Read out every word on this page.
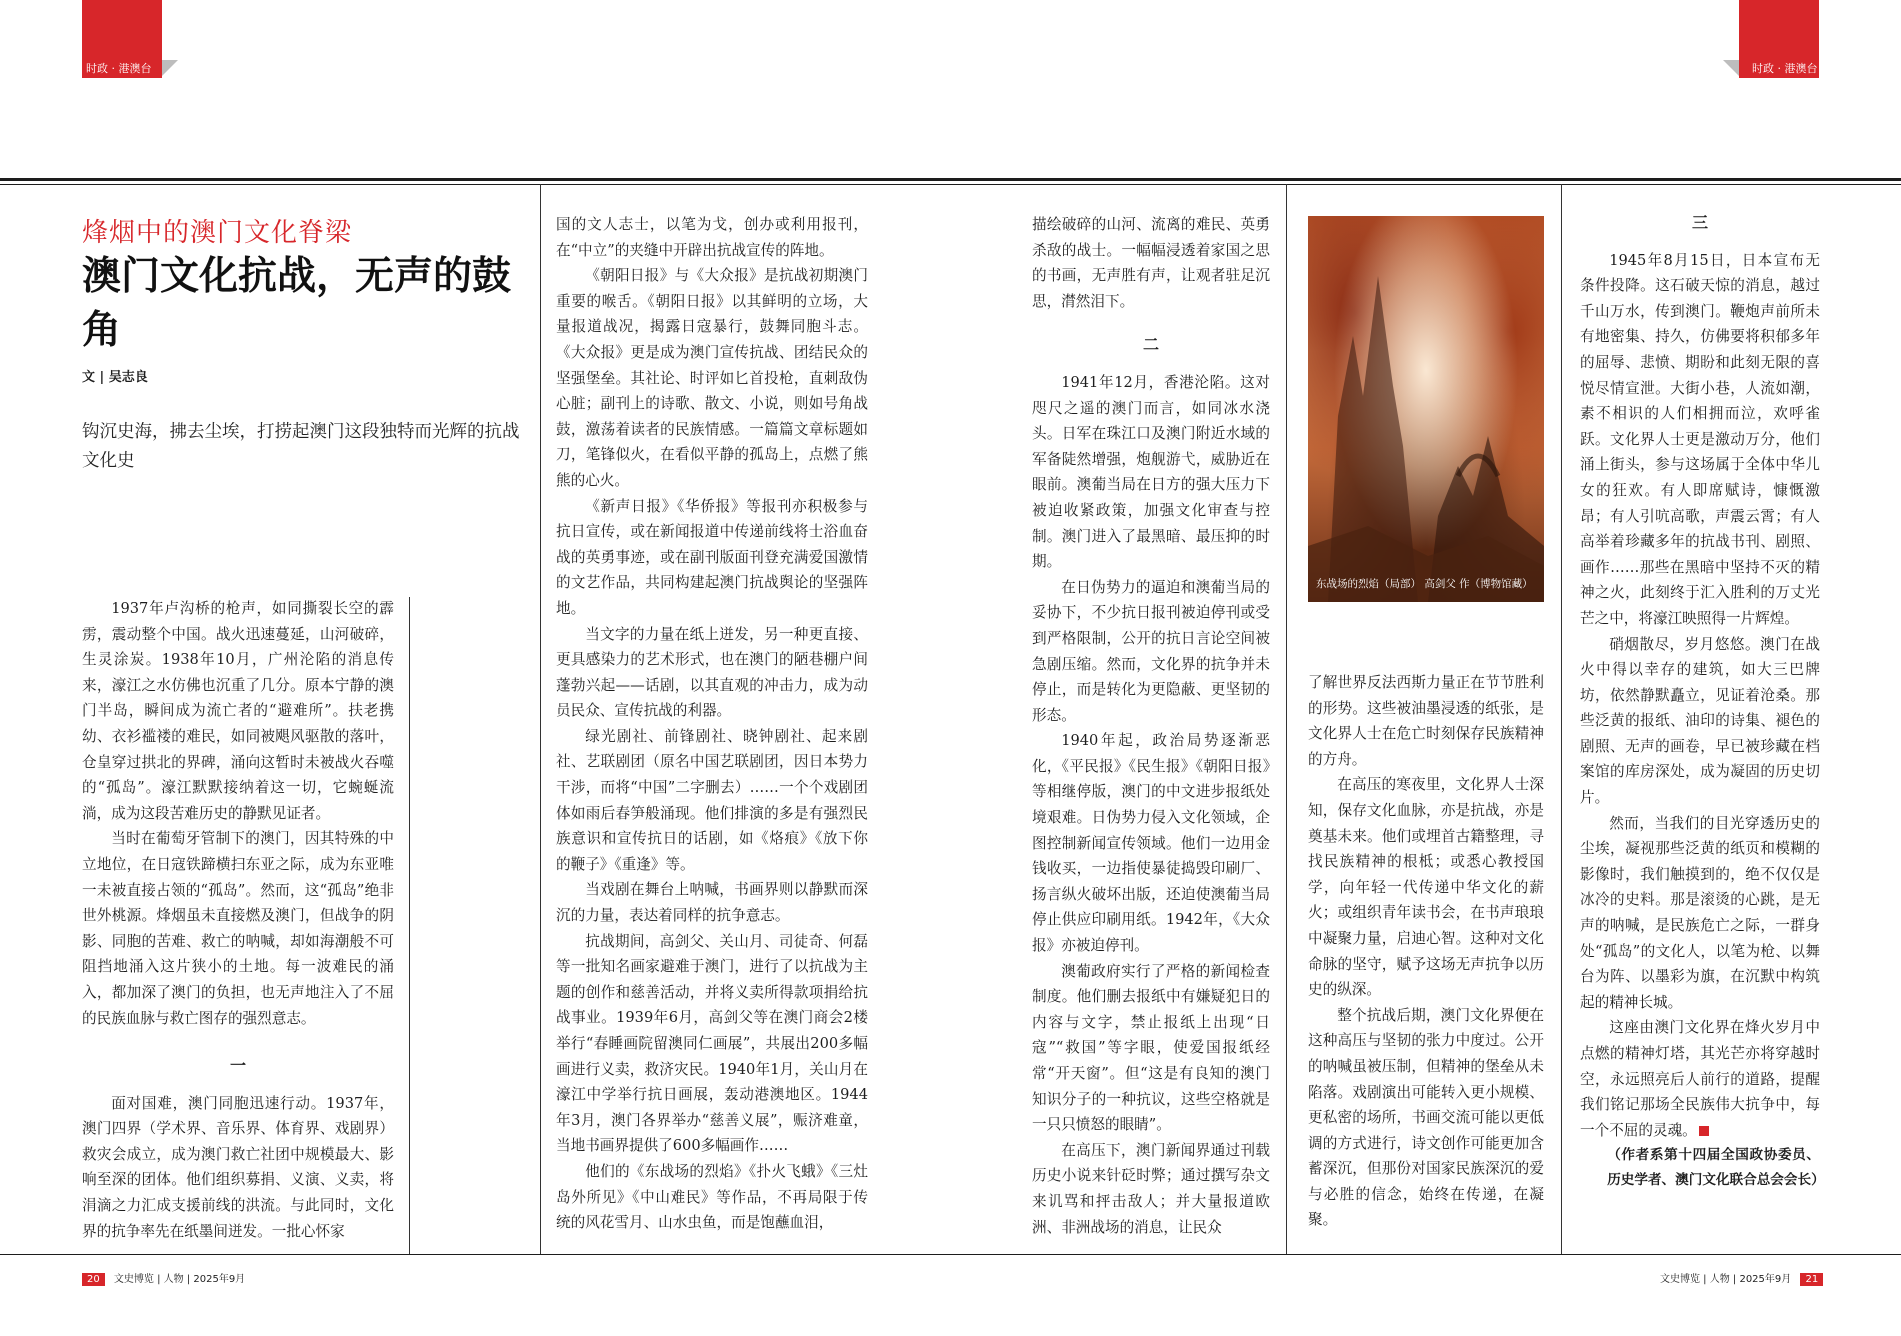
时政 · 港澳台	时政 · 港澳台
烽烟中的澳门文化脊梁
澳门文化抗战，无声的鼓角
文 | 吴志良
钩沉史海，拂去尘埃，打捞起澳门这段独特而光辉的抗战文化史

1937年卢沟桥的枪声，如同撕裂长空的霹雳，震动整个中国。战火迅速蔓延，山河破碎，生灵涂炭。1938年10月，广州沦陷的消息传来，濠江之水仿佛也沉重了几分。原本宁静的澳门半岛，瞬间成为流亡者的“避难所”。扶老携幼、衣衫褴褛的难民，如同被飓风驱散的落叶，仓皇穿过拱北的界碑，涌向这暂时未被战火吞噬的“孤岛”。濠江默默接纳着这一切，它蜿蜒流淌，成为这段苦难历史的静默见证者。

当时在葡萄牙管制下的澳门，因其特殊的中立地位，在日寇铁蹄横扫东亚之际，成为东亚唯一未被直接占领的“孤岛”。然而，这“孤岛”绝非世外桃源。烽烟虽未直接燃及澳门，但战争的阴影、同胞的苦难、救亡的呐喊，却如海潮般不可阻挡地涌入这片狭小的土地。每一波难民的涌入，都加深了澳门的负担，也无声地注入了不屈的民族血脉与救亡图存的强烈意志。

一

面对国难，澳门同胞迅速行动。1937年，澳门四界（学术界、音乐界、体育界、戏剧界）救灾会成立，成为澳门救亡社团中规模最大、影响至深的团体。他们组织募捐、义演、义卖，将涓滴之力汇成支援前线的洪流。与此同时，文化界的抗争率先在纸墨间迸发。一批心怀家

国的文人志士，以笔为戈，创办或利用报刊，在“中立”的夹缝中开辟出抗战宣传的阵地。

《朝阳日报》与《大众报》是抗战初期澳门重要的喉舌。《朝阳日报》以其鲜明的立场，大量报道战况，揭露日寇暴行，鼓舞同胞斗志。《大众报》更是成为澳门宣传抗战、团结民众的坚强堡垒。其社论、时评如匕首投枪，直刺敌伪心脏；副刊上的诗歌、散文、小说，则如号角战鼓，激荡着读者的民族情感。一篇篇文章标题如刀，笔锋似火，在看似平静的孤岛上，点燃了熊熊的心火。

《新声日报》《华侨报》等报刊亦积极参与抗日宣传，或在新闻报道中传递前线将士浴血奋战的英勇事迹，或在副刊版面刊登充满爱国激情的文艺作品，共同构建起澳门抗战舆论的坚强阵地。

当文字的力量在纸上迸发，另一种更直接、更具感染力的艺术形式，也在澳门的陋巷棚户间蓬勃兴起——话剧，以其直观的冲击力，成为动员民众、宣传抗战的利器。

绿光剧社、前锋剧社、晓钟剧社、起来剧社、艺联剧团（原名中国艺联剧团，因日本势力干涉，而将“中国”二字删去）……一个个戏剧团体如雨后春笋般涌现。他们排演的多是有强烈民族意识和宣传抗日的话剧，如《烙痕》《放下你的鞭子》《重逢》等。

当戏剧在舞台上呐喊，书画界则以静默而深沉的力量，表达着同样的抗争意志。

抗战期间，高剑父、关山月、司徒奇、何磊等一批知名画家避难于澳门，进行了以抗战为主题的创作和慈善活动，并将义卖所得款项捐给抗战事业。1939年6月，高剑父等在澳门商会2楼举行“春睡画院留澳同仁画展”，共展出200多幅画进行义卖，救济灾民。1940年1月，关山月在濠江中学举行抗日画展，轰动港澳地区。1944年3月，澳门各界举办“慈善义展”，赈济难童，当地书画界提供了600多幅画作……

他们的《东战场的烈焰》《扑火飞蛾》《三灶岛外所见》《中山难民》等作品，不再局限于传统的风花雪月、山水虫鱼，而是饱蘸血泪，

描绘破碎的山河、流离的难民、英勇杀敌的战士。一幅幅浸透着家国之思的书画，无声胜有声，让观者驻足沉思，潸然泪下。

二

1941年12月，香港沦陷。这对咫尺之遥的澳门而言，如同冰水浇头。日军在珠江口及澳门附近水域的军备陡然增强，炮舰游弋，威胁近在眼前。澳葡当局在日方的强大压力下被迫收紧政策，加强文化审查与控制。澳门进入了最黑暗、最压抑的时期。

在日伪势力的逼迫和澳葡当局的妥协下，不少抗日报刊被迫停刊或受到严格限制，公开的抗日言论空间被急剧压缩。然而，文化界的抗争并未停止，而是转化为更隐蔽、更坚韧的形态。

1940年起，政治局势逐渐恶化，《平民报》《民生报》《朝阳日报》等相继停版，澳门的中文进步报纸处境艰难。日伪势力侵入文化领域，企图控制新闻宣传领域。他们一边用金钱收买，一边指使暴徒捣毁印刷厂、扬言纵火破坏出版，还迫使澳葡当局停止供应印刷用纸。1942年，《大众报》亦被迫停刊。

澳葡政府实行了严格的新闻检查制度。他们删去报纸中有嫌疑犯日的内容与文字，禁止报纸上出现“日寇”“救国”等字眼，使爱国报纸经常“开天窗”。但“这是有良知的澳门知识分子的一种抗议，这些空格就是一只只愤怒的眼睛”。

在高压下，澳门新闻界通过刊载历史小说来针砭时弊；通过撰写杂文来讥骂和抨击敌人；并大量报道欧洲、非洲战场的消息，让民众

东战场的烈焰（局部） 高剑父 作（博物馆藏）

了解世界反法西斯力量正在节节胜利的形势。这些被油墨浸透的纸张，是文化界人士在危亡时刻保存民族精神的方舟。

在高压的寒夜里，文化界人士深知，保存文化血脉，亦是抗战，亦是奠基未来。他们或埋首古籍整理，寻找民族精神的根柢；或悉心教授国学，向年轻一代传递中华文化的薪火；或组织青年读书会，在书声琅琅中凝聚力量，启迪心智。这种对文化命脉的坚守，赋予这场无声抗争以历史的纵深。

整个抗战后期，澳门文化界便在这种高压与坚韧的张力中度过。公开的呐喊虽被压制，但精神的堡垒从未陷落。戏剧演出可能转入更小规模、更私密的场所，书画交流可能以更低调的方式进行，诗文创作可能更加含蓄深沉，但那份对国家民族深沉的爱与必胜的信念，始终在传递，在凝聚。

三

1945年8月15日，日本宣布无条件投降。这石破天惊的消息，越过千山万水，传到澳门。鞭炮声前所未有地密集、持久，仿佛要将积郁多年的屈辱、悲愤、期盼和此刻无限的喜悦尽情宣泄。大街小巷，人流如潮，素不相识的人们相拥而泣，欢呼雀跃。文化界人士更是激动万分，他们涌上街头，参与这场属于全体中华儿女的狂欢。有人即席赋诗，慷慨激昂；有人引吭高歌，声震云霄；有人高举着珍藏多年的抗战书刊、剧照、画作……那些在黑暗中坚持不灭的精神之火，此刻终于汇入胜利的万丈光芒之中，将濠江映照得一片辉煌。

硝烟散尽，岁月悠悠。澳门在战火中得以幸存的建筑，如大三巴牌坊，依然静默矗立，见证着沧桑。那些泛黄的报纸、油印的诗集、褪色的剧照、无声的画卷，早已被珍藏在档案馆的库房深处，成为凝固的历史切片。

然而，当我们的目光穿透历史的尘埃，凝视那些泛黄的纸页和模糊的影像时，我们触摸到的，绝不仅仅是冰冷的史料。那是滚烫的心跳，是无声的呐喊，是民族危亡之际，一群身处“孤岛”的文化人，以笔为枪、以舞台为阵、以墨彩为旗，在沉默中构筑起的精神长城。

这座由澳门文化界在烽火岁月中点燃的精神灯塔，其光芒亦将穿越时空，永远照亮后人前行的道路，提醒我们铭记那场全民族伟大抗争中，每一个不屈的灵魂。

（作者系第十四届全国政协委员、历史学者、澳门文化联合总会会长）

20 文史博览 | 人物 | 2025年9月	文史博览 | 人物 | 2025年9月 21
